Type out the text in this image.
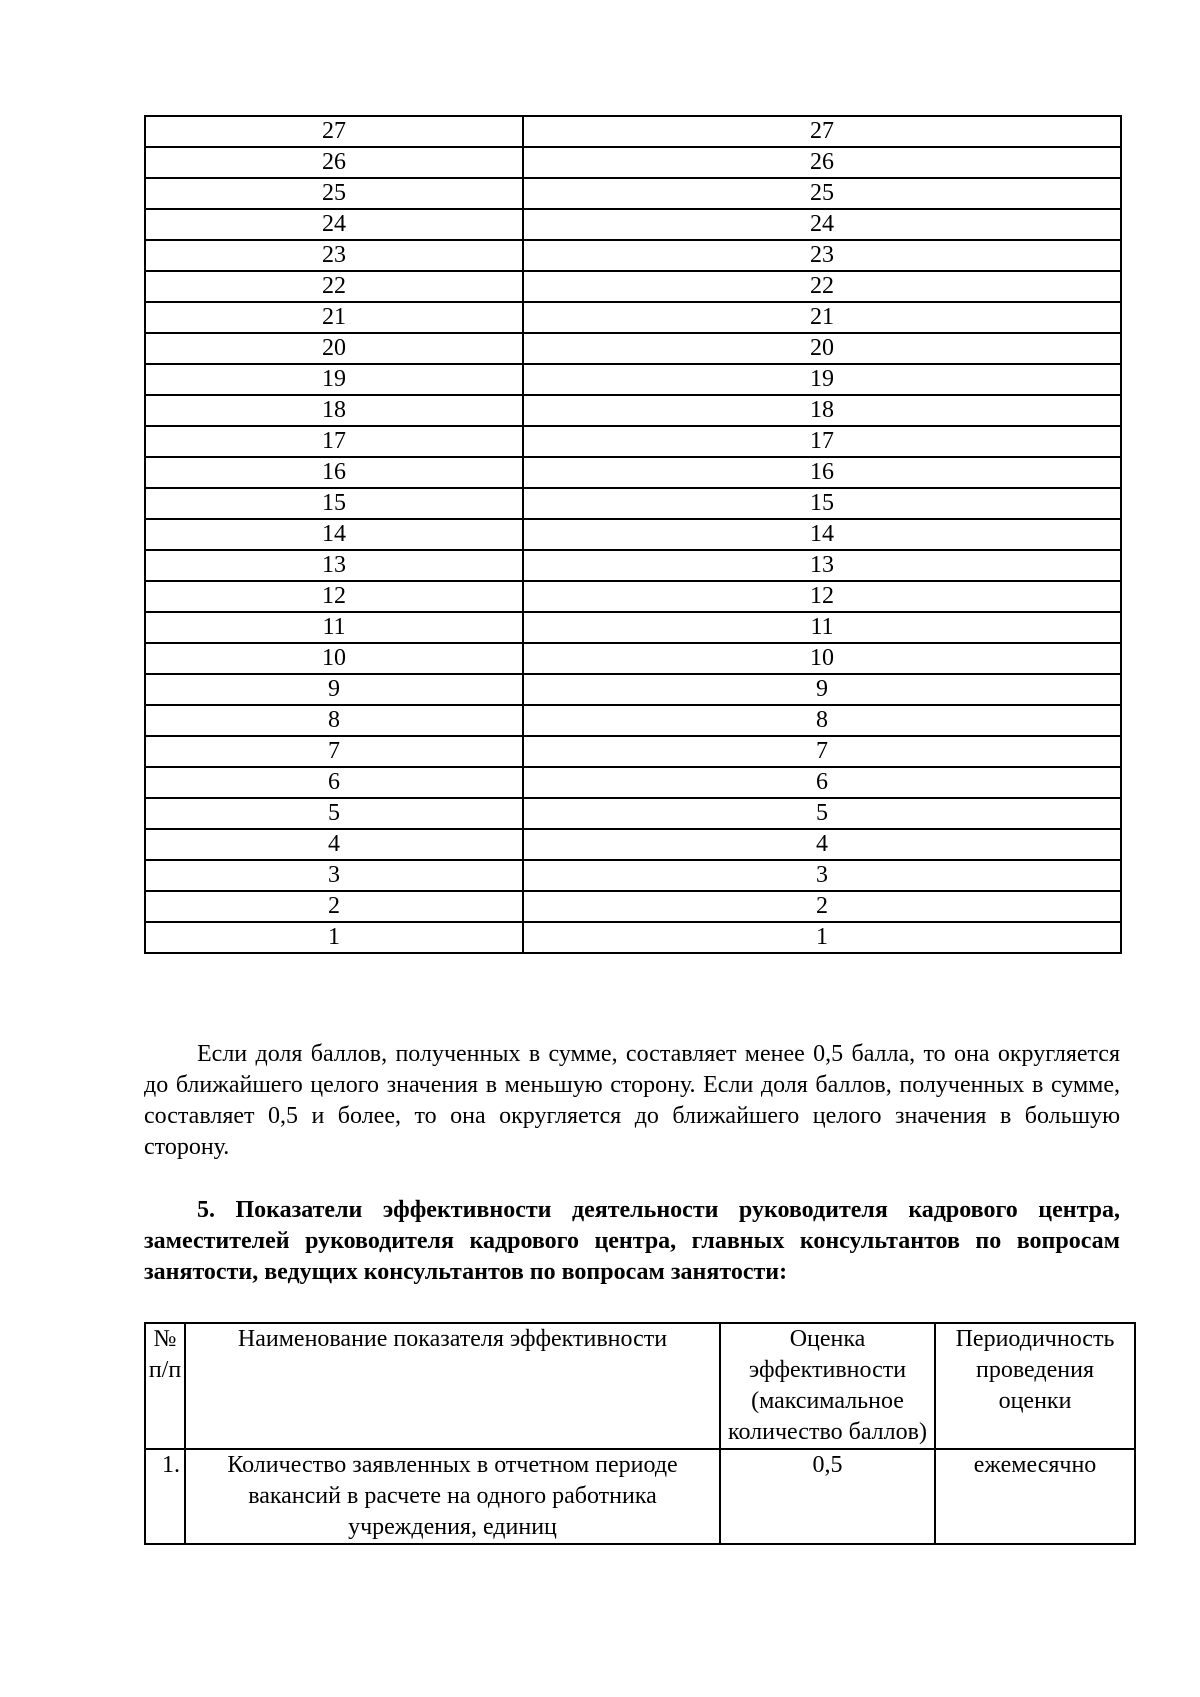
27	27
26	26
25	25
24	24
23	23
22	22
21	21
20	20
19	19
18	18
17	17
16	16
15	15
14	14
13	13
12	12
11	11
10	10
9	9
8	8
7	7
6	6
5	5
4	4
3	3
2	2
1	1

Если доля баллов, полученных в сумме, составляет менее 0,5 балла, то она округляется до ближайшего целого значения в меньшую сторону. Если доля баллов, полученных в сумме, составляет 0,5 и более, то она округляется до ближайшего целого значения в большую сторону.

5. Показатели эффективности деятельности руководителя кадрового центра, заместителей руководителя кадрового центра, главных консультантов по вопросам занятости, ведущих консультантов по вопросам занятости:

№ п/п	Наименование показателя эффективности	Оценка эффективности (максимальное количество баллов)	Периодичность проведения оценки
1.	Количество заявленных в отчетном периоде вакансий в расчете на одного работника учреждения, единиц	0,5	ежемесячно
